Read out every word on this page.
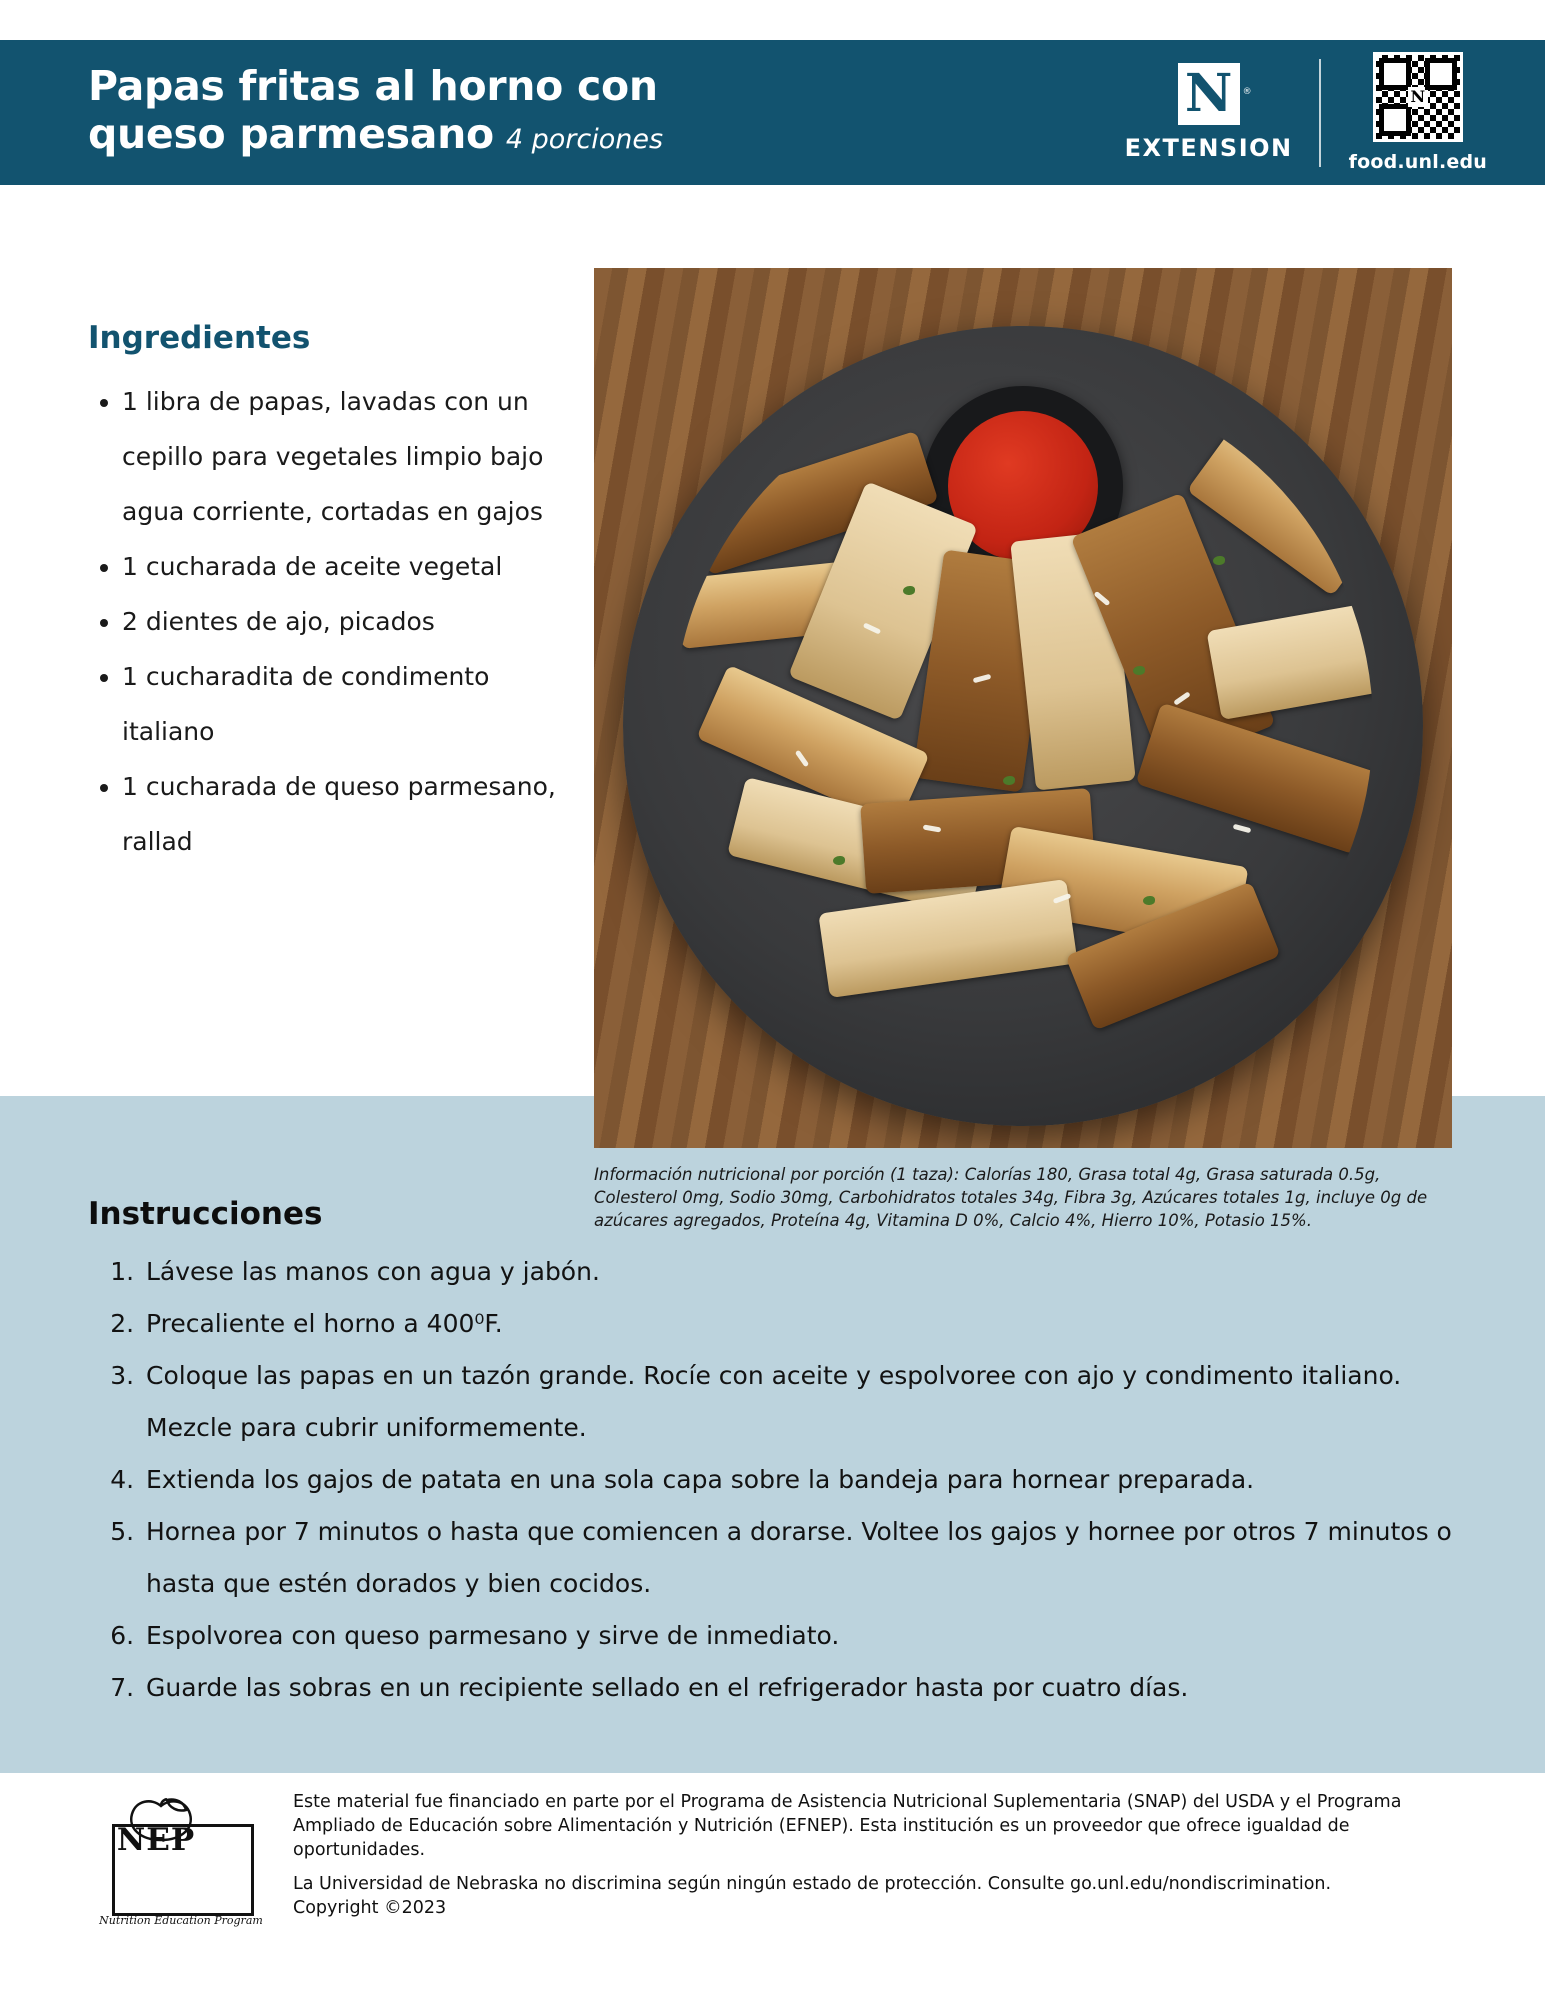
Papas fritas al horno con
queso parmesano 4 porciones
N ®
EXTENSION
N
food.unl.edu
Ingredientes
• 1 libra de papas, lavadas con un cepillo para vegetales limpio bajo agua corriente, cortadas en gajos
• 1 cucharada de aceite vegetal
• 2 dientes de ajo, picados
• 1 cucharadita de condimento italiano
• 1 cucharada de queso parmesano, rallad
Información nutricional por porción (1 taza): Calorías 180, Grasa total 4g, Grasa saturada 0.5g, Colesterol 0mg, Sodio 30mg, Carbohidratos totales 34g, Fibra 3g, Azúcares totales 1g, incluye 0g de azúcares agregados, Proteína 4g, Vitamina D 0%, Calcio 4%, Hierro 10%, Potasio 15%.
Instrucciones
1. Lávese las manos con agua y jabón.
2. Precaliente el horno a 400⁰F.
3. Coloque las papas en un tazón grande. Rocíe con aceite y espolvoree con ajo y condimento italiano. Mezcle para cubrir uniformemente.
4. Extienda los gajos de patata en una sola capa sobre la bandeja para hornear preparada.
5. Hornea por 7 minutos o hasta que comiencen a dorarse. Voltee los gajos y hornee por otros 7 minutos o hasta que estén dorados y bien cocidos.
6. Espolvorea con queso parmesano y sirve de inmediato.
7. Guarde las sobras en un recipiente sellado en el refrigerador hasta por cuatro días.
NEP
Nutrition Education Program

Este material fue financiado en parte por el Programa de Asistencia Nutricional Suplementaria (SNAP) del USDA y el Programa Ampliado de Educación sobre Alimentación y Nutrición (EFNEP). Esta institución es un proveedor que ofrece igualdad de oportunidades.

La Universidad de Nebraska no discrimina según ningún estado de protección. Consulte go.unl.edu/nondiscrimination. Copyright ©2023
